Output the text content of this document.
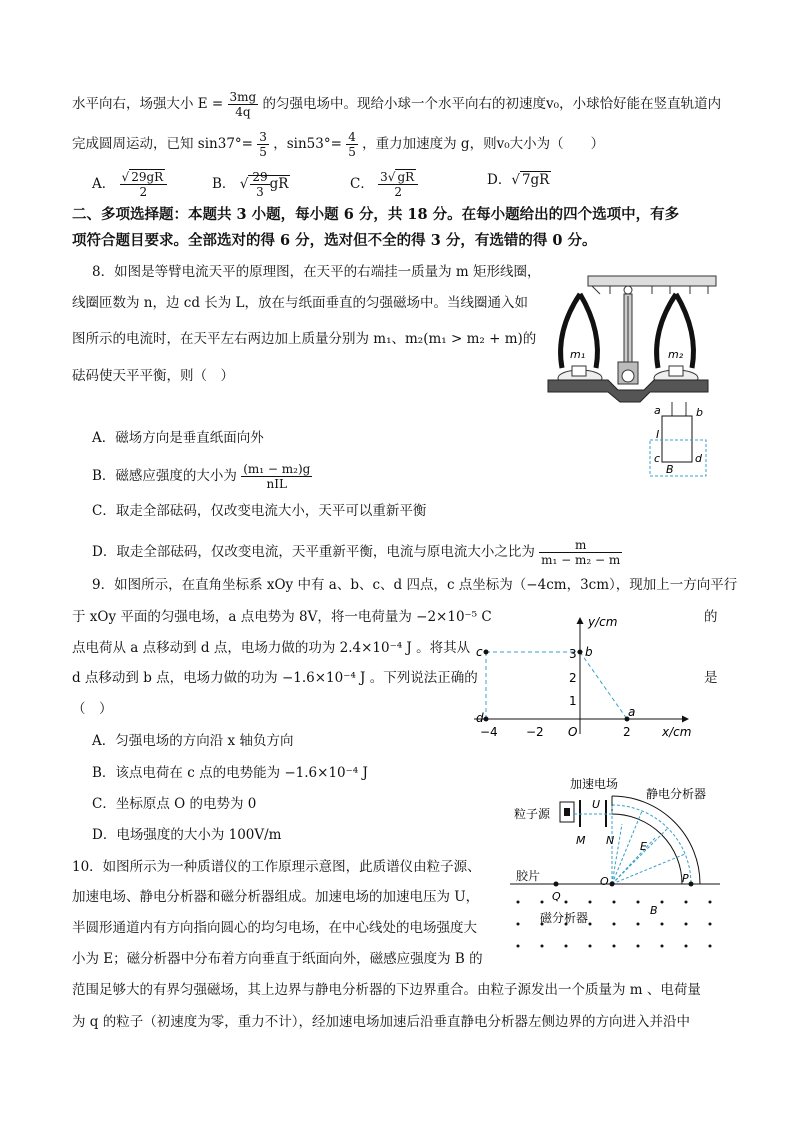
水平向右，场强大小 $E = \frac{3mg}{4q}$ 的匀强电场中。现给小球一个水平向右的初速度v₀，小球恰好能在竖直轨道内
完成圆周运动，已知 $\sin 37^\circ= \frac{3}{5}$ ，$\sin 53^\circ= \frac{4}{5}$ ，重力加速度为 g，则v₀大小为（　　）
A． $\frac{√ 29gR}{2}$	B． √ $\frac{29}{3}$ gR	C． $\frac{3√ gR}{2}$	D．√ 7gR
二、多项选择题：本题共 3 小题，每小题 6 分，共 18 分。在每小题给出的四个选项中，有多
项符合题目要求。全部选对的得 6 分，选对但不全的得 3 分，有选错的得 0 分。
8．如图是等臂电流天平的原理图，在天平的右端挂一质量为 m 矩形线圈，
线圈匝数为 n，边 cd 长为 L，放在与纸面垂直的匀强磁场中。当线圈通入如
图所示的电流时，在天平左右两边加上质量分别为 m₁、m₂(m₁ > m₂ + m)的
砝码使天平平衡，则（　）
A．磁场方向是垂直纸面向外
B．磁感应强度的大小为 (m₁ − m₂)g
nIL
C．取走全部砝码，仅改变电流大小，天平可以重新平衡
D．取走全部砝码，仅改变电流，天平重新平衡，电流与原电流大小之比为 $\frac{m}{\text{m₁ − m₂ − m}}$
m₁	m₂
a	b
I
c	d
B
9．如图所示，在直角坐标系 xOy 中有 a、b、c、d 四点，c 点坐标为（−4cm，3cm），现加上一方向平行
于 xOy 平面的匀强电场，a 点电势为 8V，将一电荷量为 −2×10⁻⁵ C	的
点电荷从 a 点移动到 d 点，电场力做的功为 2.4×10⁻⁴ J 。将其从
d 点移动到 b 点，电场力做的功为 −1.6×10⁻⁴ J 。下列说法正确的	是
（　）
A．匀强电场的方向沿 x 轴负方向
B．该点电荷在 c 点的电势能为 −1.6×10⁻⁴ J
C．坐标原点 O 的电势为 0
D．电场强度的大小为 100V/m
y/cm
x/cm
O
−4 −2	2
1
2
3
c	b
d	a
10．如图所示为一种质谱仪的工作原理示意图，此质谱仪由粒子源、
加速电场、静电分析器和磁分析器组成。加速电场的加速电压为 U，
半圆形通道内有方向指向圆心的均匀电场，在中心线处的电场强度大
小为 E；磁分析器中分布着方向垂直于纸面向外，磁感应强度为 B 的
范围足够大的有界匀强磁场，其上边界与静电分析器的下边界重合。由粒子源发出一个质量为 m 、电荷量
为 q 的粒子（初速度为零，重力不计），经加速电场加速后沿垂直静电分析器左侧边界的方向进入并沿中
加速电场
静电分析器
粒子源
胶片
磁分析器
U
M N E
O
Q
P
B
